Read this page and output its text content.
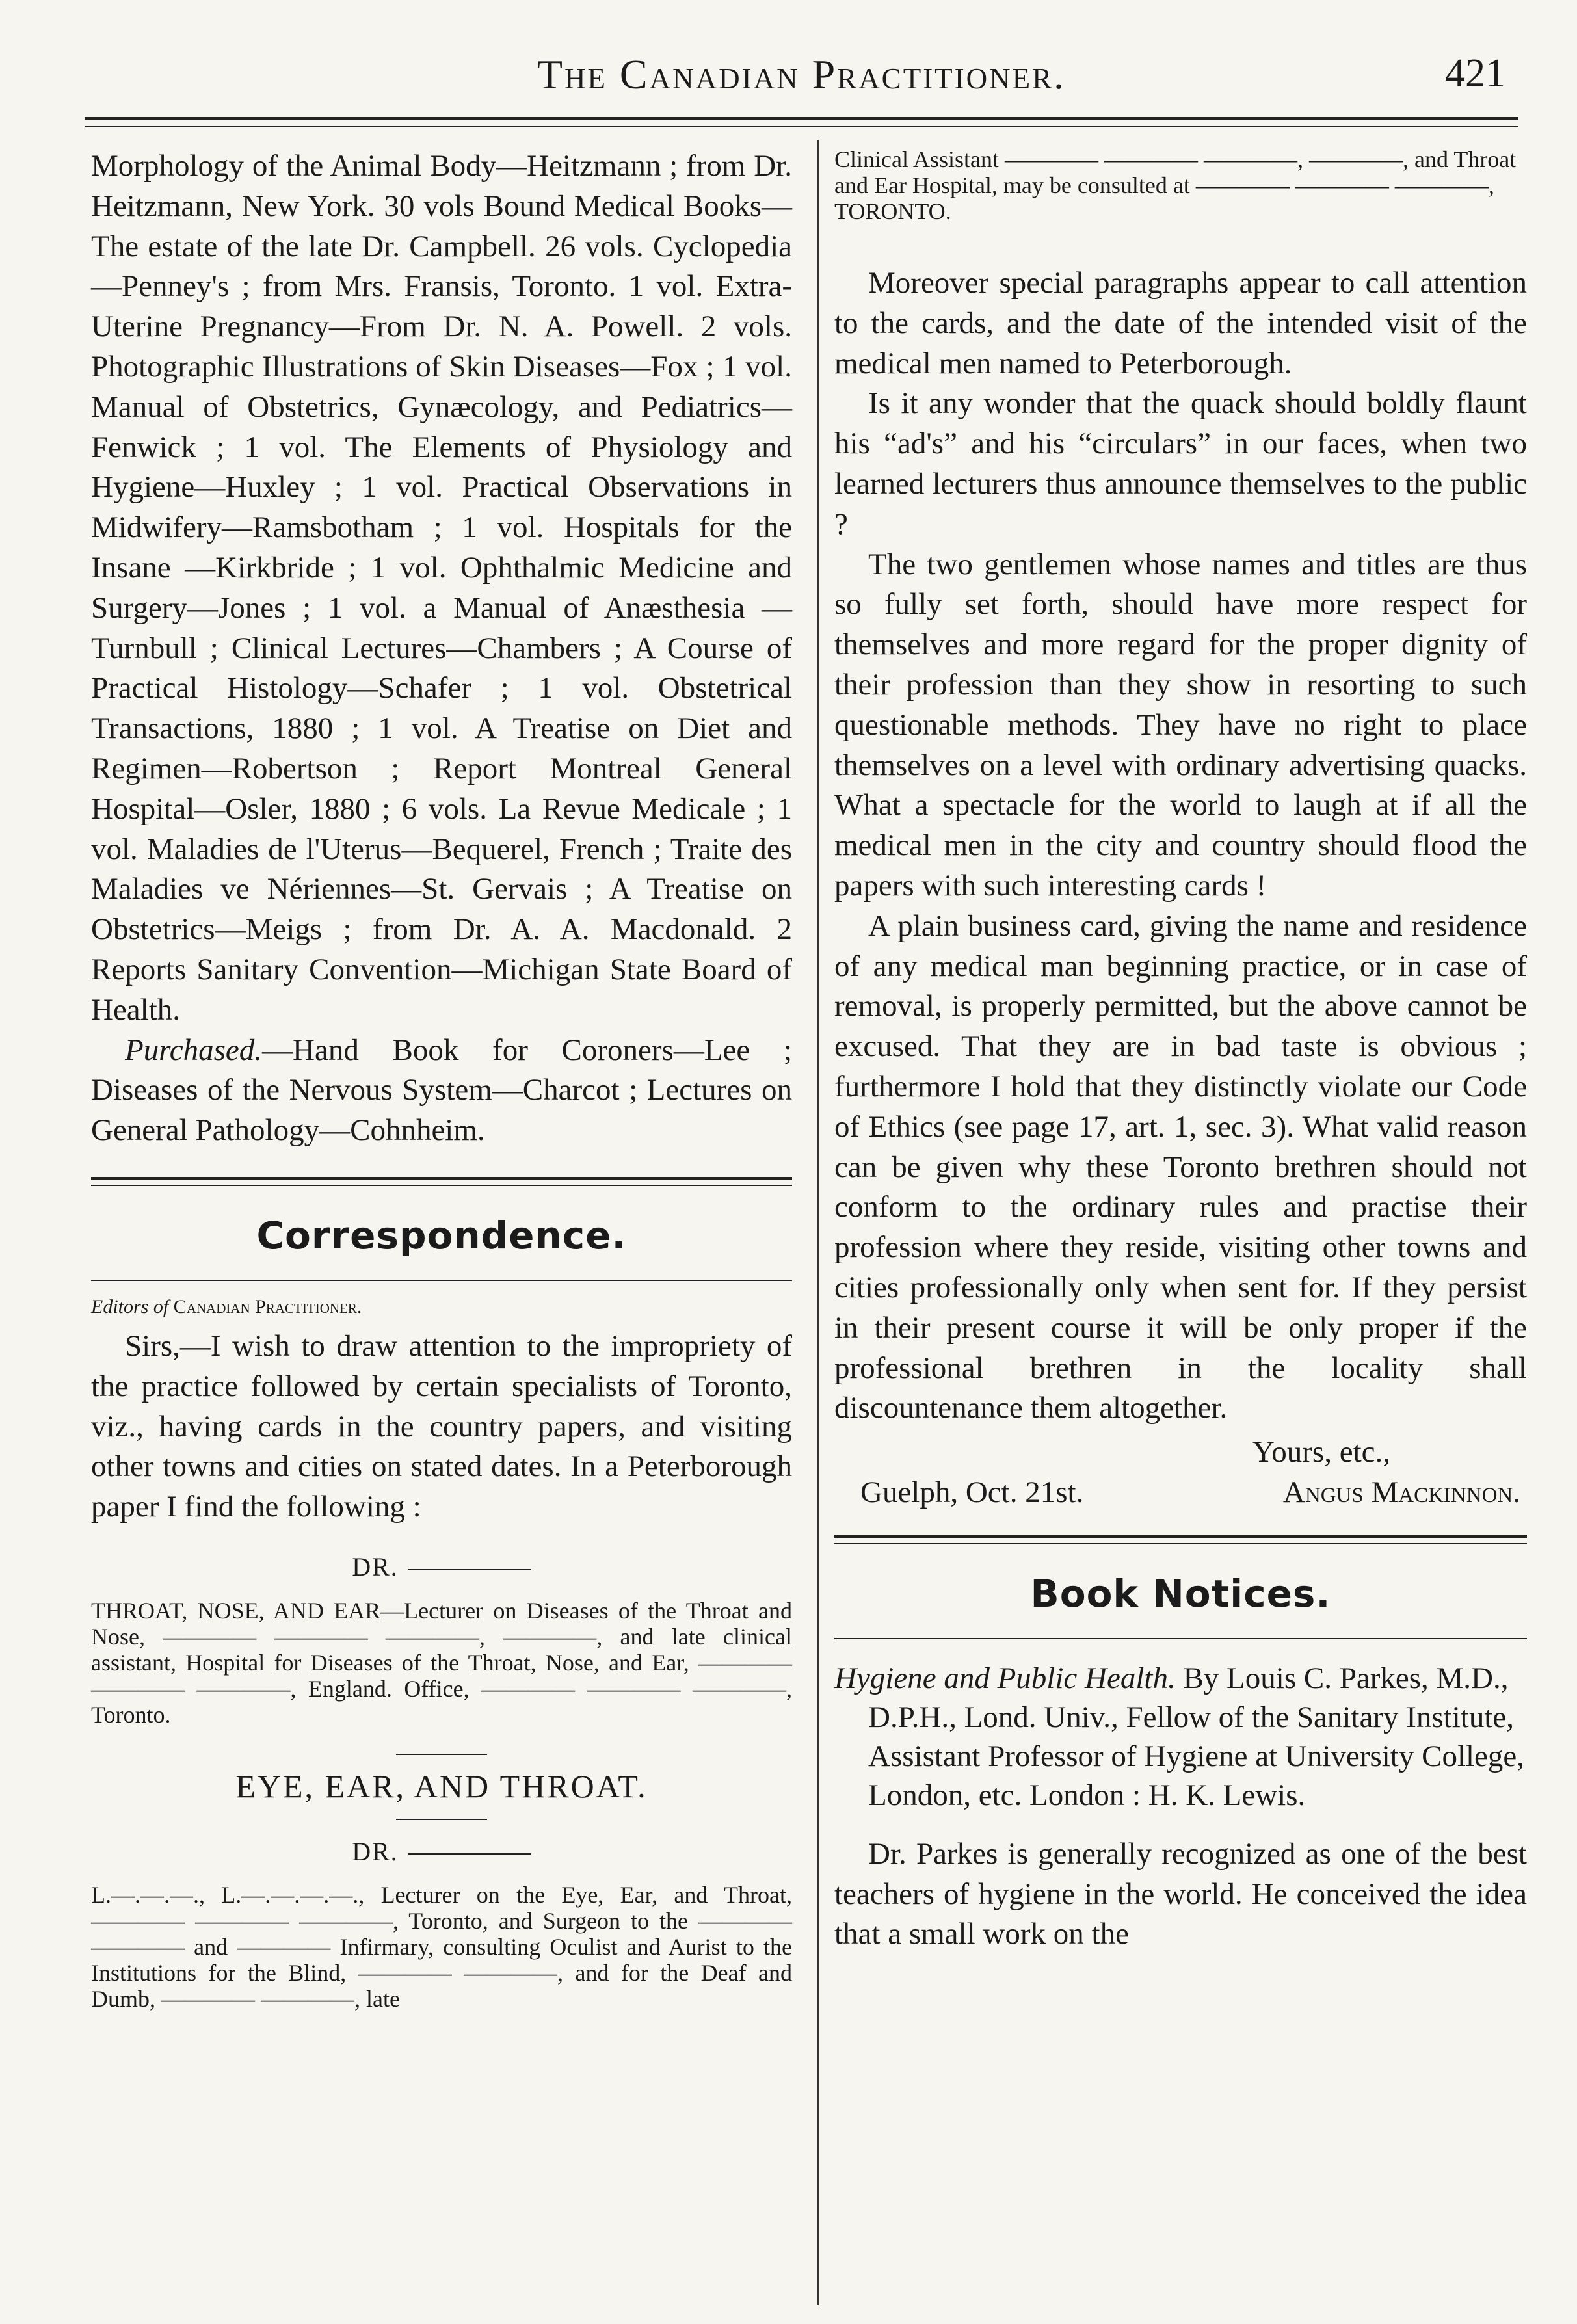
The Canadian Practitioner.	421

Morphology of the Animal Body—Heitzmann ; from Dr. Heitzmann, New York. 30 vols Bound Medical Books—The estate of the late Dr. Campbell. 26 vols. Cyclopedia—Penney's ; from Mrs. Fransis, Toronto. 1 vol. Extra-Uterine Pregnancy—From Dr. N. A. Powell. 2 vols. Photographic Illustrations of Skin Diseases—Fox ; 1 vol. Manual of Obstetrics, Gynæcology, and Pediatrics—Fenwick ; 1 vol. The Elements of Physiology and Hygiene—Huxley ; 1 vol. Practical Observations in Midwifery—Ramsbotham ; 1 vol. Hospitals for the Insane —Kirkbride ; 1 vol. Ophthalmic Medicine and Surgery—Jones ; 1 vol. a Manual of Anæsthesia —Turnbull ; Clinical Lectures—Chambers ; A Course of Practical Histology—Schafer ; 1 vol. Obstetrical Transactions, 1880 ; 1 vol. A Treatise on Diet and Regimen—Robertson ; Report Montreal General Hospital—Osler, 1880 ; 6 vols. La Revue Medicale ; 1 vol. Maladies de l'Uterus—Bequerel, French ; Traite des Maladies ve Nériennes—St. Gervais ; A Treatise on Obstetrics—Meigs ; from Dr. A. A. Macdonald. 2 Reports Sanitary Convention—Michigan State Board of Health.

Purchased.—Hand Book for Coroners—Lee ; Diseases of the Nervous System—Charcot ; Lectures on General Pathology—Cohnheim.

Correspondence.
Editors of Canadian Practitioner.

Sirs,—I wish to draw attention to the impropriety of the practice followed by certain specialists of Toronto, viz., having cards in the country papers, and visiting other towns and cities on stated dates. In a Peterborough paper I find the following :

DR.

THROAT, NOSE, AND EAR—Lecturer on Diseases of the Throat and Nose, ———— ———— ————, ————, and late clinical assistant, Hospital for Diseases of the Throat, Nose, and Ear, ———— ———— ————, England. Office, ———— ———— ————, Toronto.

EYE, EAR, AND THROAT.
DR.

L.—.—.—., L.—.—.—.—., Lecturer on the Eye, Ear, and Throat, ———— ———— ————, Toronto, and Surgeon to the ———— ———— and ———— Infirmary, consulting Oculist and Aurist to the Institutions for the Blind, ———— ————, and for the Deaf and Dumb, ———— ————, late

Clinical Assistant ———— ———— ————, ————, and Throat and Ear Hospital, may be consulted at ———— ———— ————, TORONTO.

Moreover special paragraphs appear to call attention to the cards, and the date of the intended visit of the medical men named to Peterborough.

Is it any wonder that the quack should boldly flaunt his “ad's” and his “circulars” in our faces, when two learned lecturers thus announce themselves to the public ?

The two gentlemen whose names and titles are thus so fully set forth, should have more respect for themselves and more regard for the proper dignity of their profession than they show in resorting to such questionable methods. They have no right to place themselves on a level with ordinary advertising quacks. What a spectacle for the world to laugh at if all the medical men in the city and country should flood the papers with such interesting cards !

A plain business card, giving the name and residence of any medical man beginning practice, or in case of removal, is properly permitted, but the above cannot be excused. That they are in bad taste is obvious ; furthermore I hold that they distinctly violate our Code of Ethics (see page 17, art. 1, sec. 3). What valid reason can be given why these Toronto brethren should not conform to the ordinary rules and practise their profession where they reside, visiting other towns and cities professionally only when sent for. If they persist in their present course it will be only proper if the professional brethren in the locality shall discountenance them altogether.

Yours, etc.,

Guelph, Oct. 21st.	Angus Mackinnon.
Book Notices.

Hygiene and Public Health. By Louis C. Parkes, M.D., D.P.H., Lond. Univ., Fellow of the Sanitary Institute, Assistant Professor of Hygiene at University College, London, etc. London : H. K. Lewis.

Dr. Parkes is generally recognized as one of the best teachers of hygiene in the world. He conceived the idea that a small work on the
